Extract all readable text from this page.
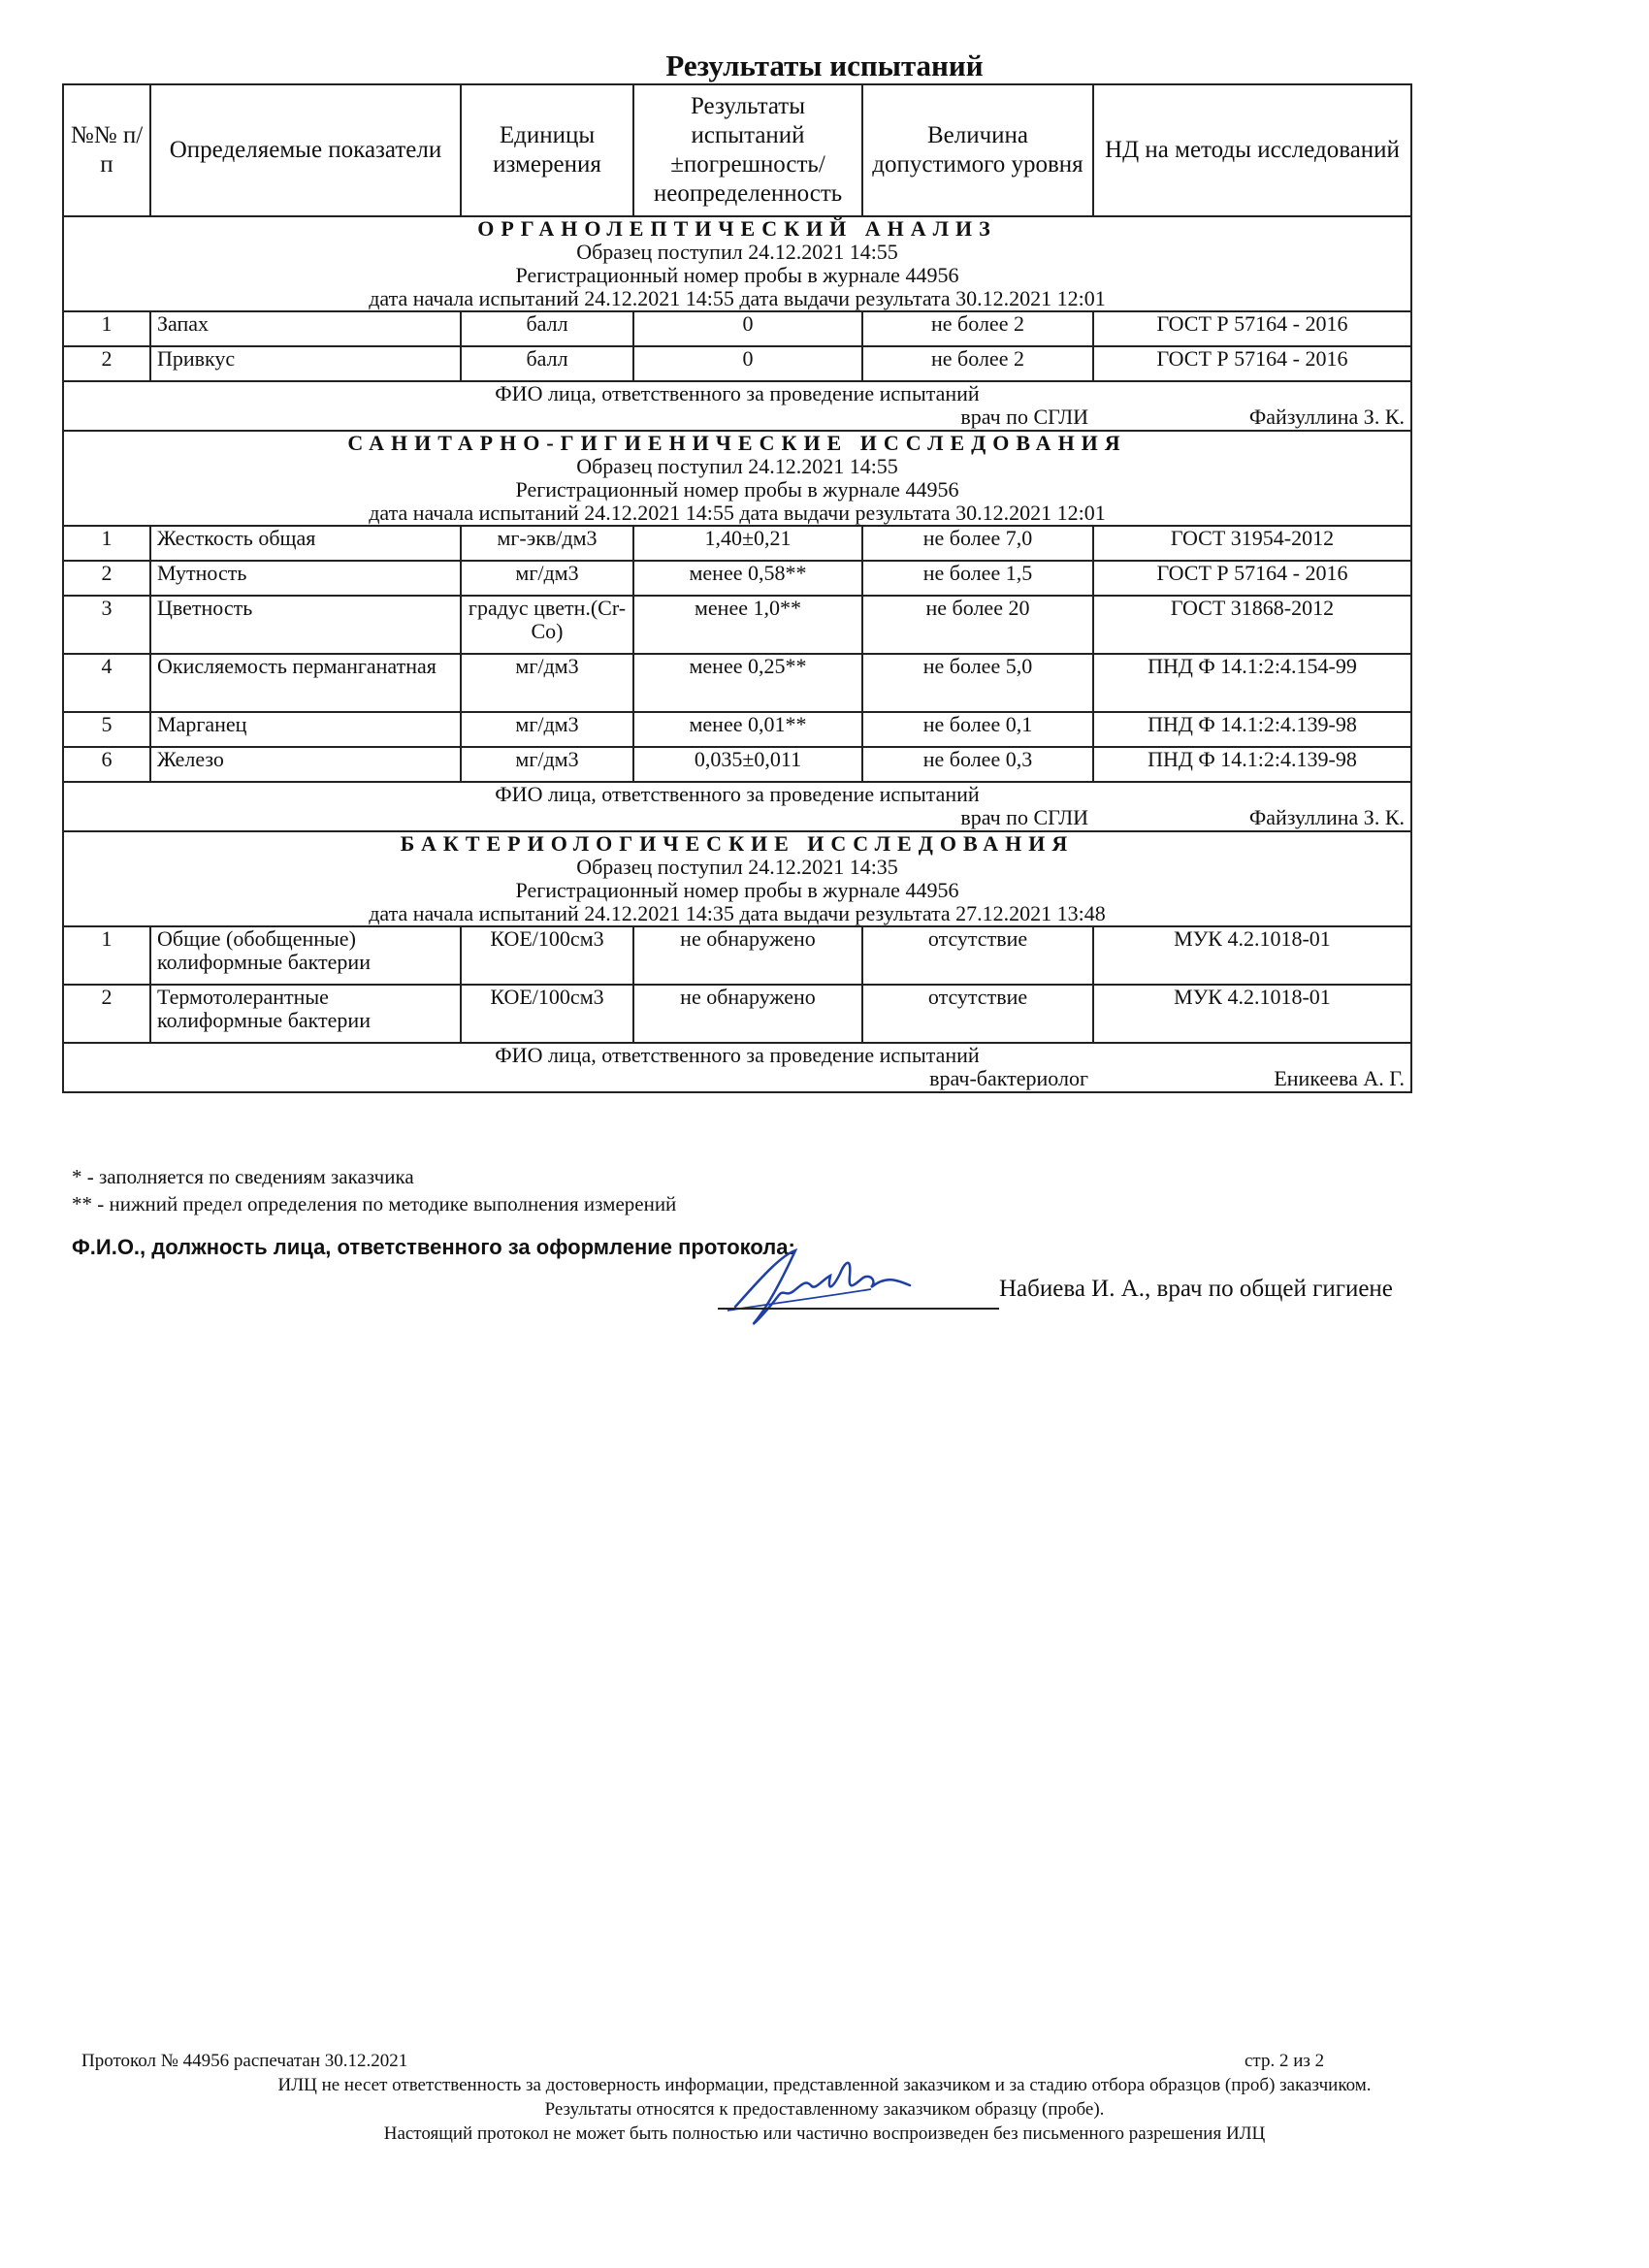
Результаты испытаний
№№ п/п	Определяемые показатели	Единицы измерения	Результаты испытаний ±погрешность/ неопределенность	Величина допустимого уровня	НД на методы исследований

ОРГАНОЛЕПТИЧЕСКИЙ АНАЛИЗ
Образец поступил 24.12.2021 14:55
Регистрационный номер пробы в журнале 44956
дата начала испытаний 24.12.2021 14:55 дата выдачи результата 30.12.2021 12:01					

1	Запах	балл	0	не более 2	ГОСТ Р 57164 - 2016
2	Привкус	балл	0	не более 2	ГОСТ Р 57164 - 2016

ФИО лица, ответственного за проведение испытаний
врач по СГЛИ Файзуллина З. К.					

САНИТАРНО-ГИГИЕНИЧЕСКИЕ ИССЛЕДОВАНИЯ
Образец поступил 24.12.2021 14:55
Регистрационный номер пробы в журнале 44956
дата начала испытаний 24.12.2021 14:55 дата выдачи результата 30.12.2021 12:01					

1	Жесткость общая	мг-экв/дм3	1,40±0,21	не более 7,0	ГОСТ 31954-2012
2	Мутность	мг/дм3	менее 0,58**	не более 1,5	ГОСТ Р 57164 - 2016
3	Цветность	градус цветн.(Cr-Co)	менее 1,0**	не более 20	ГОСТ 31868-2012
4	Окисляемость перманганатная	мг/дм3	менее 0,25**	не более 5,0	ПНД Ф 14.1:2:4.154-99
5	Марганец	мг/дм3	менее 0,01**	не более 0,1	ПНД Ф 14.1:2:4.139-98
6	Железо	мг/дм3	0,035±0,011	не более 0,3	ПНД Ф 14.1:2:4.139-98

ФИО лица, ответственного за проведение испытаний
врач по СГЛИ Файзуллина З. К.					

БАКТЕРИОЛОГИЧЕСКИЕ ИССЛЕДОВАНИЯ
Образец поступил 24.12.2021 14:35
Регистрационный номер пробы в журнале 44956
дата начала испытаний 24.12.2021 14:35 дата выдачи результата 27.12.2021 13:48					

1	Общие (обобщенные) колиформные бактерии	КОЕ/100см3	не обнаружено	отсутствие	МУК 4.2.1018-01
2	Термотолерантные колиформные бактерии	КОЕ/100см3	не обнаружено	отсутствие	МУК 4.2.1018-01

ФИО лица, ответственного за проведение испытаний
врач-бактериолог Еникеева А. Г.					
* - заполняется по сведениям заказчика
** - нижний предел определения по методике выполнения измерений
Ф.И.О., должность лица, ответственного за оформление протокола:
Набиева И. А., врач по общей гигиене
Протокол № 44956 распечатан 30.12.2021	стр. 2 из 2
ИЛЦ не несет ответственность за достоверность информации, представленной заказчиком и за стадию отбора образцов (проб) заказчиком.
Результаты относятся к предоставленному заказчиком образцу (пробе).
Настоящий протокол не может быть полностью или частично воспроизведен без письменного разрешения ИЛЦ
